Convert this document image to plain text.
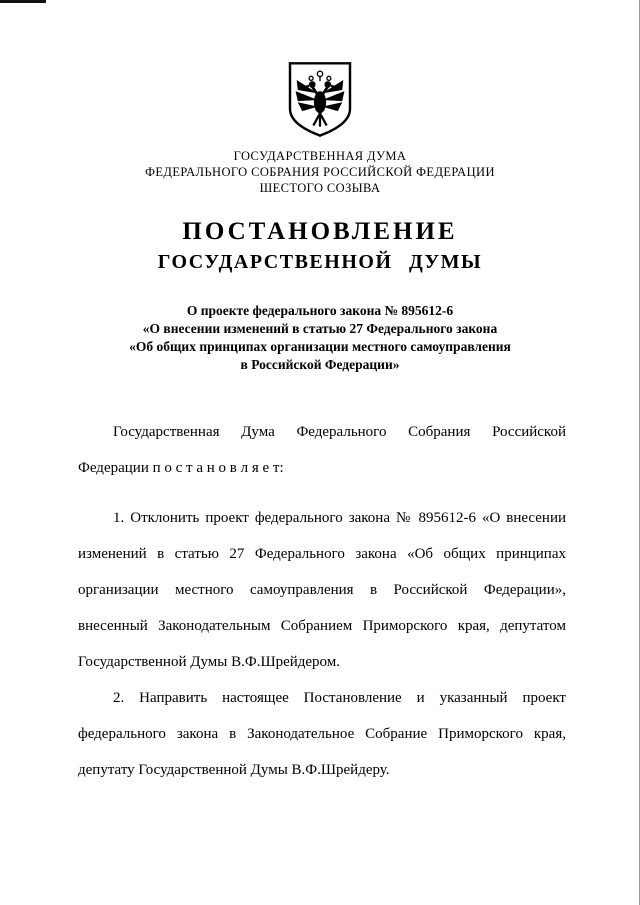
ГОСУДАРСТВЕННАЯ ДУМА
ФЕДЕРАЛЬНОГО СОБРАНИЯ РОССИЙСКОЙ ФЕДЕРАЦИИ
ШЕСТОГО СОЗЫВА
ПОСТАНОВЛЕНИЕ
ГОСУДАРСТВЕННОЙ ДУМЫ
О проекте федерального закона № 895612-6
«О внесении изменений в статью 27 Федерального закона
«Об общих принципах организации местного самоуправления
в Российской Федерации»

Государственная Дума Федерального Собрания Российской Федерации п о с т а н о в л я е т:

1. Отклонить проект федерального закона № 895612-6 «О внесении изменений в статью 27 Федерального закона «Об общих принципах организации местного самоуправления в Российской Федерации», внесенный Законодательным Собранием Приморского края, депутатом Государственной Думы В.Ф.Шрейдером.

2. Направить настоящее Постановление и указанный проект федерального закона в Законодательное Собрание Приморского края, депутату Государственной Думы В.Ф.Шрейдеру.
